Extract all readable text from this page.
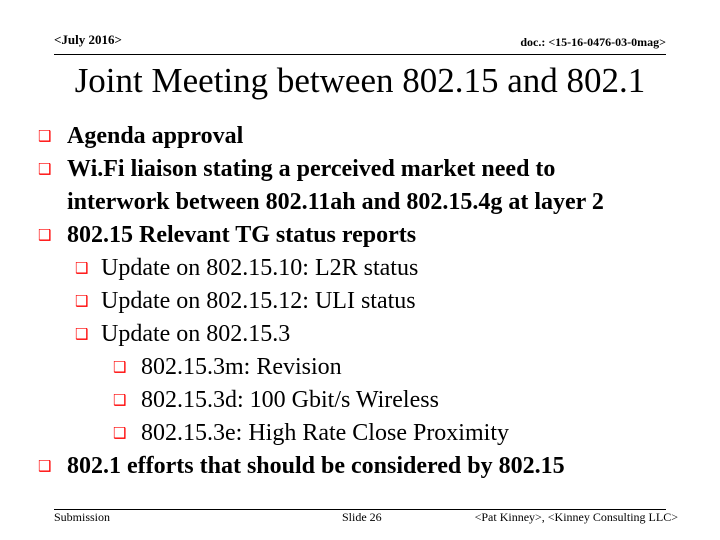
<July 2016>	doc.: <15-16-0476-03-0mag>
Joint Meeting between 802.15 and 802.1
❑ Agenda approval
❑ Wi.Fi liaison stating a perceived market need to
interwork between 802.11ah and 802.15.4g at layer 2
❑ 802.15 Relevant TG status reports
❑ Update on 802.15.10: L2R status
❑ Update on 802.15.12: ULI status
❑ Update on 802.15.3
❑ 802.15.3m: Revision
❑ 802.15.3d: 100 Gbit/s Wireless
❑ 802.15.3e: High Rate Close Proximity
❑ 802.1 efforts that should be considered by 802.15
Submission	Slide 26	<Pat Kinney>, <Kinney Consulting LLC>
